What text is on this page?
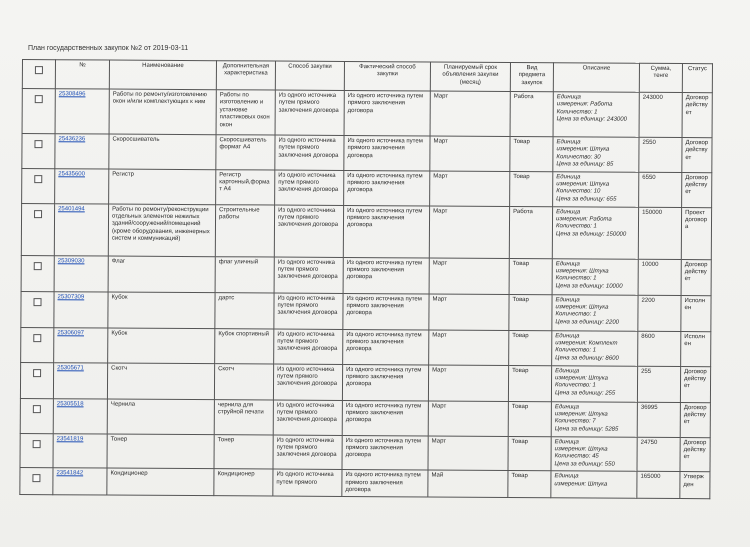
План государственных закупок №2 от 2019-03-11
	№	Наименование	Дополнительная характеристика	Способ закупки	Фактический способ закупки	Планируемый срок объявления закупки (месяц)	Вид предмета закупок	Описание	Сумма, тенге	Статус
	25308496	Работы по ремонту/изготовлению окон и/или комплектующих к ним	Работы по изготовлению и установке пластиковых окон окон	Из одного источника путем прямого заключения договора	Из одного источника путем прямого заключения договора	Март	Работа	Единица
измерения: Работа
Количество: 1
Цена за единицу: 243000	243000	Договор действует
	25436236	Скоросшиватель	Скоросшиватель формат А4	Из одного источника путем прямого заключения договора	Из одного источника путем прямого заключения договора	Март	Товар	Единица
измерения: Штука
Количество: 30
Цена за единицу: 85	2550	Договор действует
	25435600	Регистр	Регистр картонный,формат А4	Из одного источника путем прямого заключения договора	Из одного источника путем прямого заключения договора	Март	Товар	Единица
измерения: Штука
Количество: 10
Цена за единицу: 655	6550	Договор действует
	25401494	Работы по ремонту/реконструкции отдельных элементов нежилых зданий/сооружений/помещений (кроме оборудования, инженерных систем и коммуникаций)	Строительные работы	Из одного источника путем прямого заключения договора	Из одного источника путем прямого заключения договора	Март	Работа	Единица
измерения: Работа
Количество: 1
Цена за единицу: 150000	150000	Проект договора
	25309030	Флаг	флаг уличный	Из одного источника путем прямого заключения договора	Из одного источника путем прямого заключения договора	Март	Товар	Единица
измерения: Штука
Количество: 1
Цена за единицу: 10000	10000	Договор действует
	25307309	Кубок	дартс	Из одного источника путем прямого заключения договора	Из одного источника путем прямого заключения договора	Март	Товар	Единица
измерения: Штука
Количество: 1
Цена за единицу: 2200	2200	Исполнен
	25306097	Кубок	Кубок спортивный	Из одного источника путем прямого заключения договора	Из одного источника путем прямого заключения договора	Март	Товар	Единица
измерения: Комплект
Количество: 1
Цена за единицу: 8600	8600	Исполнен
	25305671	Скотч	Скотч	Из одного источника путем прямого заключения договора	Из одного источника путем прямого заключения договора	Март	Товар	Единица
измерения: Штука
Количество: 1
Цена за единицу: 255	255	Договор действует
	25305518	Чернила	чернила для струйной печати	Из одного источника путем прямого заключения договора	Из одного источника путем прямого заключения договора	Март	Товар	Единица
измерения: Штука
Количество: 7
Цена за единицу: 5285	36995	Договор действует
	23541819	Тонер	Тонер	Из одного источника путем прямого заключения договора	Из одного источника путем прямого заключения договора	Март	Товар	Единица
измерения: Штука
Количество: 45
Цена за единицу: 550	24750	Договор действует
	23541842	Кондиционер	Кондиционер	Из одного источника путем прямого	Из одного источника путем прямого заключения договора	Май	Товар	Единица
измерения: Штука	165000	Утвержден
